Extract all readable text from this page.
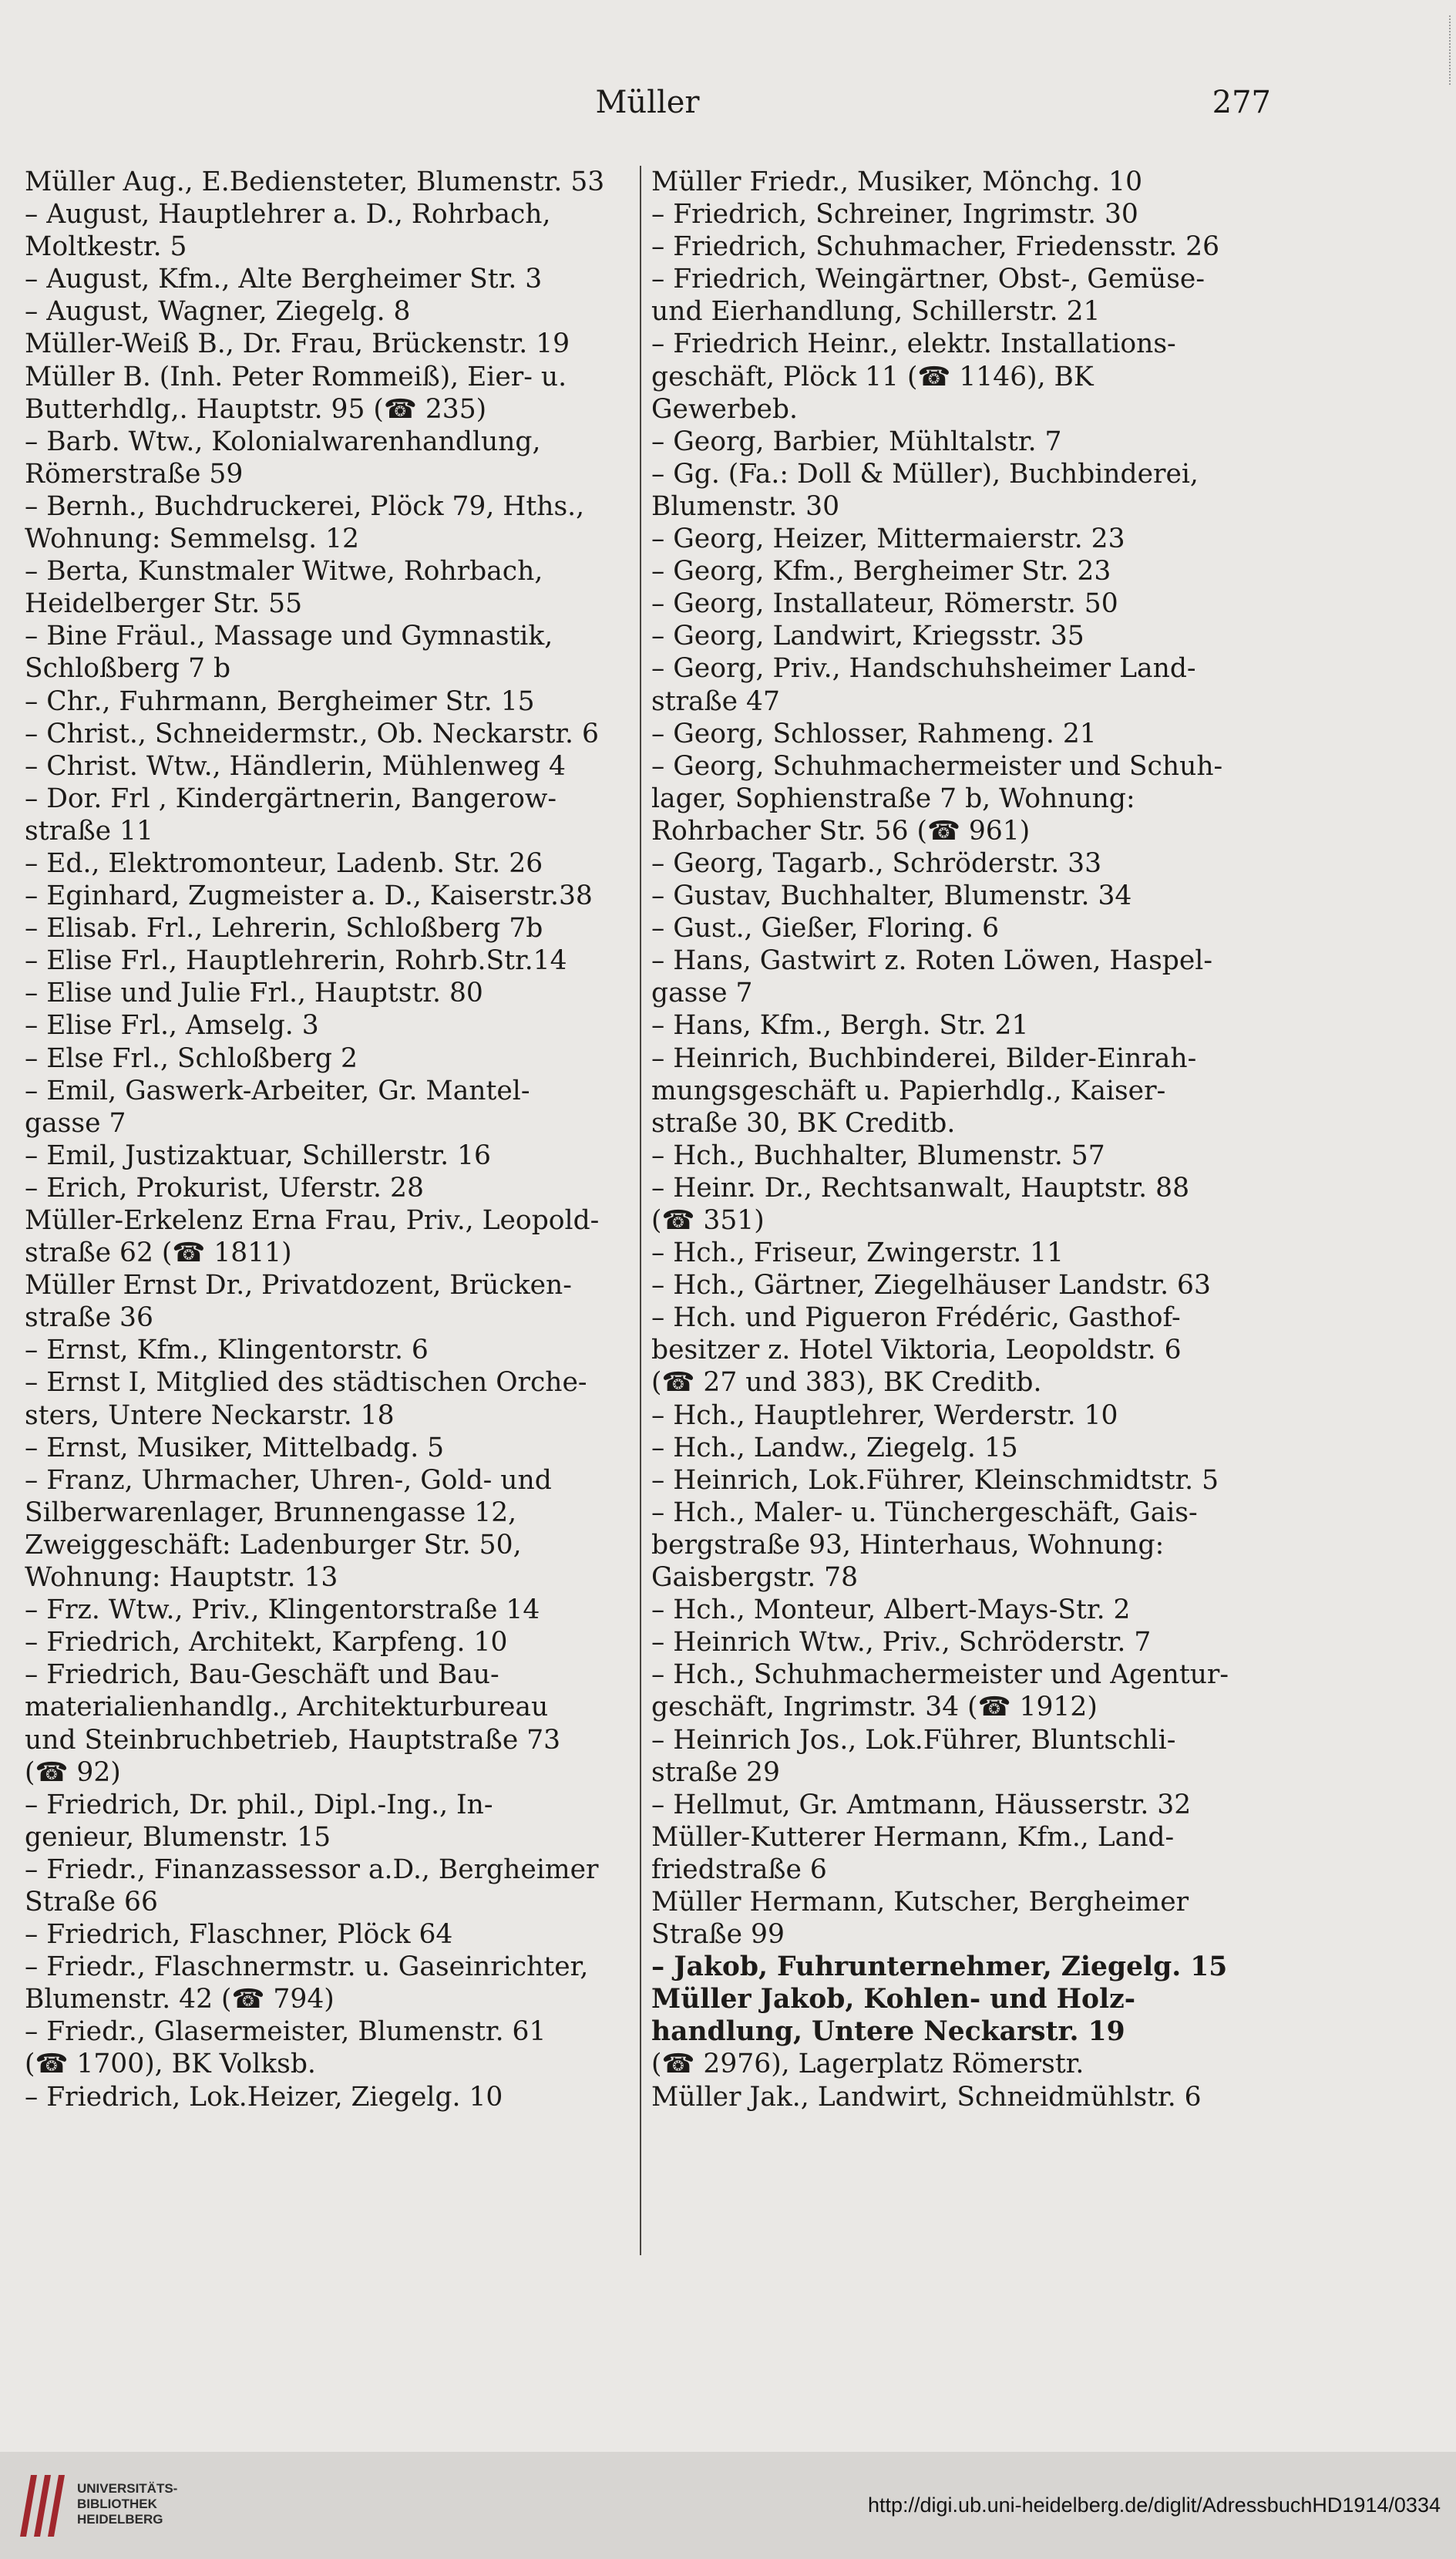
Müller	277
Müller Aug., E.Bediensteter, Blumenstr. 53
– August, Hauptlehrer a. D., Rohrbach,
Moltkestr. 5
– August, Kfm., Alte Bergheimer Str. 3
– August, Wagner, Ziegelg. 8
Müller-Weiß B., Dr. Frau, Brückenstr. 19
Müller B. (Inh. Peter Rommeiß), Eier- u.
Butterhdlg,. Hauptstr. 95 (☎ 235)
– Barb. Wtw., Kolonialwarenhandlung,
Römerstraße 59
– Bernh., Buchdruckerei, Plöck 79, Hths.,
Wohnung: Semmelsg. 12
– Berta, Kunstmaler Witwe, Rohrbach,
Heidelberger Str. 55
– Bine Fräul., Massage und Gymnastik,
Schloßberg 7 b
– Chr., Fuhrmann, Bergheimer Str. 15
– Christ., Schneidermstr., Ob. Neckarstr. 6
– Christ. Wtw., Händlerin, Mühlenweg 4
– Dor. Frl , Kindergärtnerin, Bangerow-
straße 11
– Ed., Elektromonteur, Ladenb. Str. 26
– Eginhard, Zugmeister a. D., Kaiserstr.38
– Elisab. Frl., Lehrerin, Schloßberg 7b
– Elise Frl., Hauptlehrerin, Rohrb.Str.14
– Elise und Julie Frl., Hauptstr. 80
– Elise Frl., Amselg. 3
– Else Frl., Schloßberg 2
– Emil, Gaswerk-Arbeiter, Gr. Mantel-
gasse 7
– Emil, Justizaktuar, Schillerstr. 16
– Erich, Prokurist, Uferstr. 28
Müller-Erkelenz Erna Frau, Priv., Leopold-
straße 62 (☎ 1811)
Müller Ernst Dr., Privatdozent, Brücken-
straße 36
– Ernst, Kfm., Klingentorstr. 6
– Ernst I, Mitglied des städtischen Orche-
sters, Untere Neckarstr. 18
– Ernst, Musiker, Mittelbadg. 5
– Franz, Uhrmacher, Uhren-, Gold- und
Silberwarenlager, Brunnengasse 12,
Zweiggeschäft: Ladenburger Str. 50,
Wohnung: Hauptstr. 13
– Frz. Wtw., Priv., Klingentorstraße 14
– Friedrich, Architekt, Karpfeng. 10
– Friedrich, Bau-Geschäft und Bau-
materialienhandlg., Architekturbureau
und Steinbruchbetrieb, Hauptstraße 73
(☎ 92)
– Friedrich, Dr. phil., Dipl.-Ing., In-
genieur, Blumenstr. 15
– Friedr., Finanzassessor a.D., Bergheimer
Straße 66
– Friedrich, Flaschner, Plöck 64
– Friedr., Flaschnermstr. u. Gaseinrichter,
Blumenstr. 42 (☎ 794)
– Friedr., Glasermeister, Blumenstr. 61
(☎ 1700), BK Volksb.
– Friedrich, Lok.Heizer, Ziegelg. 10
Müller Friedr., Musiker, Mönchg. 10
– Friedrich, Schreiner, Ingrimstr. 30
– Friedrich, Schuhmacher, Friedensstr. 26
– Friedrich, Weingärtner, Obst-, Gemüse-
und Eierhandlung, Schillerstr. 21
– Friedrich Heinr., elektr. Installations-
geschäft, Plöck 11 (☎ 1146), BK
Gewerbeb.
– Georg, Barbier, Mühltalstr. 7
– Gg. (Fa.: Doll & Müller), Buchbinderei,
Blumenstr. 30
– Georg, Heizer, Mittermaierstr. 23
– Georg, Kfm., Bergheimer Str. 23
– Georg, Installateur, Römerstr. 50
– Georg, Landwirt, Kriegsstr. 35
– Georg, Priv., Handschuhsheimer Land-
straße 47
– Georg, Schlosser, Rahmeng. 21
– Georg, Schuhmachermeister und Schuh-
lager, Sophienstraße 7 b, Wohnung:
Rohrbacher Str. 56 (☎ 961)
– Georg, Tagarb., Schröderstr. 33
– Gustav, Buchhalter, Blumenstr. 34
– Gust., Gießer, Floring. 6
– Hans, Gastwirt z. Roten Löwen, Haspel-
gasse 7
– Hans, Kfm., Bergh. Str. 21
– Heinrich, Buchbinderei, Bilder-Einrah-
mungsgeschäft u. Papierhdlg., Kaiser-
straße 30, BK Creditb.
– Hch., Buchhalter, Blumenstr. 57
– Heinr. Dr., Rechtsanwalt, Hauptstr. 88
(☎ 351)
– Hch., Friseur, Zwingerstr. 11
– Hch., Gärtner, Ziegelhäuser Landstr. 63
– Hch. und Pigueron Frédéric, Gasthof-
besitzer z. Hotel Viktoria, Leopoldstr. 6
(☎ 27 und 383), BK Creditb.
– Hch., Hauptlehrer, Werderstr. 10
– Hch., Landw., Ziegelg. 15
– Heinrich, Lok.Führer, Kleinschmidtstr. 5
– Hch., Maler- u. Tünchergeschäft, Gais-
bergstraße 93, Hinterhaus, Wohnung:
Gaisbergstr. 78
– Hch., Monteur, Albert-Mays-Str. 2
– Heinrich Wtw., Priv., Schröderstr. 7
– Hch., Schuhmachermeister und Agentur-
geschäft, Ingrimstr. 34 (☎ 1912)
– Heinrich Jos., Lok.Führer, Bluntschli-
straße 29
– Hellmut, Gr. Amtmann, Häusserstr. 32
Müller-Kutterer Hermann, Kfm., Land-
friedstraße 6
Müller Hermann, Kutscher, Bergheimer
Straße 99
– Jakob, Fuhrunternehmer, Ziegelg. 15
Müller Jakob, Kohlen- und Holz-
handlung, Untere Neckarstr. 19
(☎ 2976), Lagerplatz Römerstr.
Müller Jak., Landwirt, Schneidmühlstr. 6
UNIVERSITÄTS-
BIBLIOTHEK
HEIDELBERG
http://digi.ub.uni-heidelberg.de/diglit/AdressbuchHD1914/0334
